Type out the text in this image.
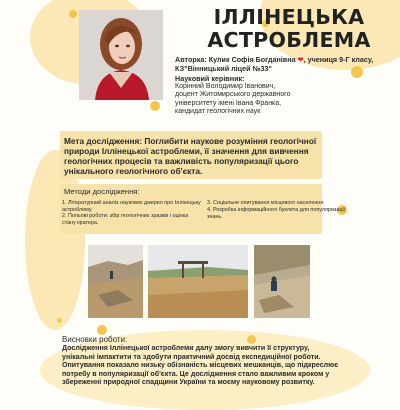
ІЛЛІНЕЦЬКА
АСТРОБЛЕМА
Авторка: Кулик Софія Богданівна ❤, учениця 9-Г класу, КЗ"Вінницький ліцей №33"
Науковий керівник:
Корінний Володимир Іванович,
доцент Житомирського державного
університету імені Івана Франка,
кандидат геологічних наук
Мета дослідження: Поглибити наукове розуміння геологічної природи Іллінецької астроблеми, її значення для вивчення геологічних процесів та важливість популяризації цього унікального геологічного об'єкта.
Методи дослідження:
1. Літературний аналіз наукових джерел про Іллінецьку астроблему.
2. Польові роботи: збір геологічних зразків і оцінка стану кратера.
3. Соціальне опитування місцевого населення.
4. Розробка інформаційного буклета для популяризації знань.
Висновки роботи:
Дослідження Іллінецької астроблеми далу змогу вивчити її структуру, унікальні імпактити та здобути практичний досвід експедиційної роботи. Опитування показало низьку обізнаність місцевих мешканців, що підкреслює потребу в популяризації об'єкта. Це дослідження стало важливим кроком у збереженні природної спадщини України та моєму науковому розвитку.
